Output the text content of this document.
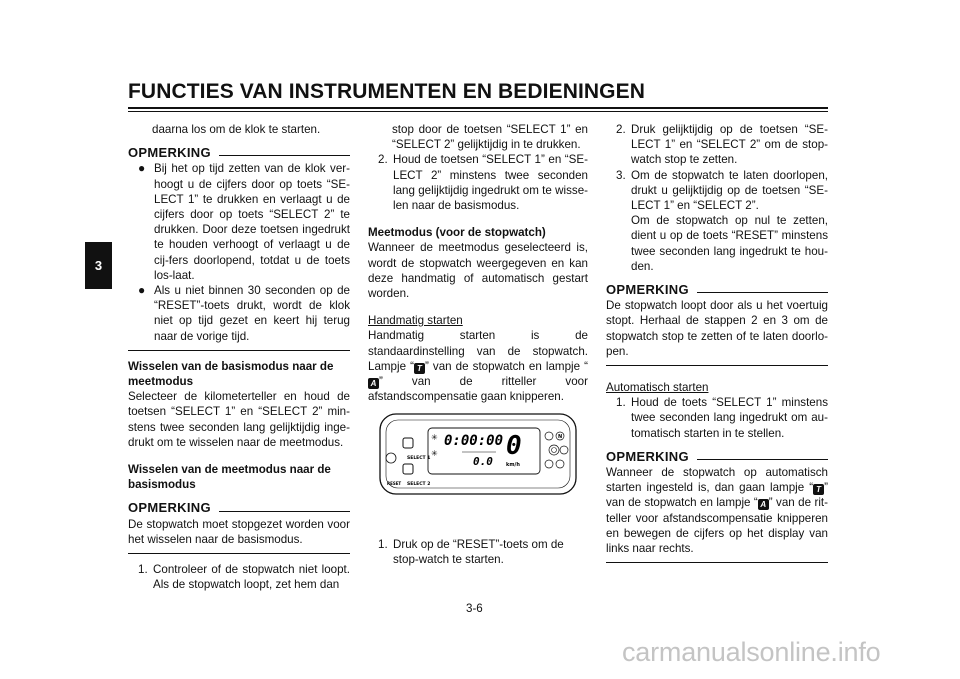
FUNCTIES VAN INSTRUMENTEN EN BEDIENINGEN
3

daarna los om de klok te starten.

OPMERKING
● Bij het op tijd zetten van de klok ver-hoogt u de cijfers door op toets “SE-LECT 1” te drukken en verlaagt u de cijfers door op toets “SELECT 2” te drukken. Door deze toetsen ingedrukt te houden verhoogt of verlaagt u de cij-fers doorlopend, totdat u de toets los-laat.
● Als u niet binnen 30 seconden op de “RESET”-toets drukt, wordt de klok niet op tijd gezet en keert hij terug naar de vorige tijd.
Wisselen van de basismodus naar de meetmodus

Selecteer de kilometerteller en houd de toetsen “SELECT 1” en “SELECT 2” min-stens twee seconden lang gelijktijdig inge-drukt om te wisselen naar de meetmodus.

Wisselen van de meetmodus naar de basismodus
OPMERKING

De stopwatch moet stopgezet worden voor het wisselen naar de basismodus.

1. Controleer of de stopwatch niet loopt. Als de stopwatch loopt, zet hem dan

stop door de toetsen “SELECT 1” en “SELECT 2” gelijktijdig in te drukken.

2. Houd de toetsen “SELECT 1” en “SE-LECT 2” minstens twee seconden lang gelijktijdig ingedrukt om te wisse-len naar de basismodus.
Meetmodus (voor de stopwatch)

Wanneer de meetmodus geselecteerd is, wordt de stopwatch weergegeven en kan deze handmatig of automatisch gestart worden.

Handmatig starten

Handmatig starten is de standaardinstelling van de stopwatch. Lampje “ T ” van de stopwatch en lampje “A ” van de ritteller voor afstandscompensatie gaan knipperen.

SELECT 1
SELECT 2
RESET
✳
✳
0:00:00
0.0
0
km/h
N
1. Druk op de “RESET”-toets om de stop-watch te starten.
2. Druk gelijktijdig op de toetsen “SE-LECT 1” en “SELECT 2” om de stop-watch stop te zetten.
3. Om de stopwatch te laten doorlopen, drukt u gelijktijdig op de toetsen “SE-LECT 1” en “SELECT 2”.
Om de stopwatch op nul te zetten, dient u op de toets “RESET” minstens twee seconden lang ingedrukt te hou-den.
OPMERKING

De stopwatch loopt door als u het voertuig stopt. Herhaal de stappen 2 en 3 om de stopwatch stop te zetten of te laten doorlo-pen.

Automatisch starten

1. Houd de toets “SELECT 1” minstens twee seconden lang ingedrukt om au-tomatisch starten in te stellen.
OPMERKING

Wanneer de stopwatch op automatisch starten ingesteld is, dan gaan lampje “ T ” van de stopwatch en lampje “ A ” van de rit-teller voor afstandscompensatie knipperen en bewegen de cijfers op het display van links naar rechts.

3-6
carmanualsonline.info
